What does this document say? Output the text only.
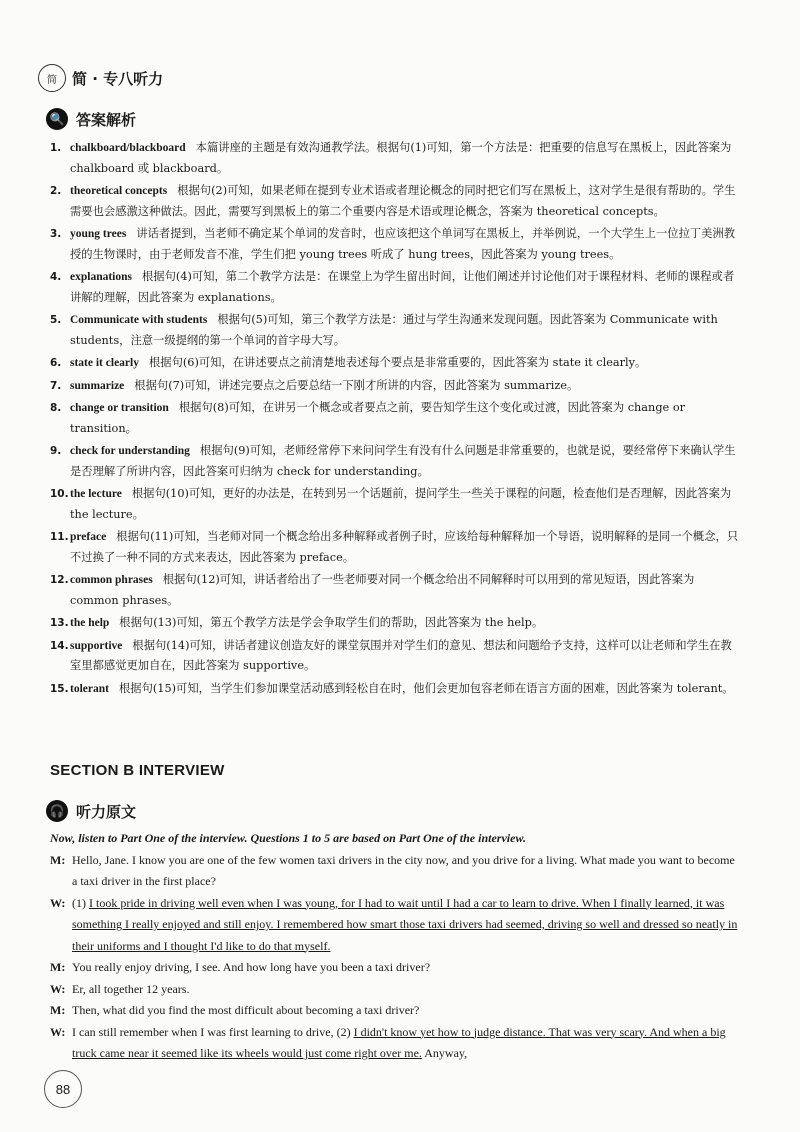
简	简 · 专八听力
🔍 答案解析
1. chalkboard/blackboard 本篇讲座的主题是有效沟通教学法。根据句(1)可知，第一个方法是：把重要的信息写在黑板上，因此答案为 chalkboard 或 blackboard。
2. theoretical concepts 根据句(2)可知，如果老师在提到专业术语或者理论概念的同时把它们写在黑板上，这对学生是很有帮助的。学生需要也会感激这种做法。因此，需要写到黑板上的第二个重要内容是术语或理论概念，答案为 theoretical concepts。
3. young trees 讲话者提到，当老师不确定某个单词的发音时，也应该把这个单词写在黑板上，并举例说，一个大学生上一位拉丁美洲教授的生物课时，由于老师发音不准，学生们把 young trees 听成了 hung trees，因此答案为 young trees。
4. explanations 根据句(4)可知，第二个教学方法是：在课堂上为学生留出时间，让他们阐述并讨论他们对于课程材料、老师的课程或者讲解的理解，因此答案为 explanations。
5. Communicate with students 根据句(5)可知，第三个教学方法是：通过与学生沟通来发现问题。因此答案为 Communicate with students，注意一级提纲的第一个单词的首字母大写。
6. state it clearly 根据句(6)可知，在讲述要点之前清楚地表述每个要点是非常重要的，因此答案为 state it clearly。
7. summarize 根据句(7)可知，讲述完要点之后要总结一下刚才所讲的内容，因此答案为 summarize。
8. change or transition 根据句(8)可知，在讲另一个概念或者要点之前，要告知学生这个变化或过渡，因此答案为 change or transition。
9. check for understanding 根据句(9)可知，老师经常停下来问问学生有没有什么问题是非常重要的，也就是说，要经常停下来确认学生是否理解了所讲内容，因此答案可归纳为 check for understanding。
10. the lecture 根据句(10)可知，更好的办法是，在转到另一个话题前，提问学生一些关于课程的问题，检查他们是否理解，因此答案为 the lecture。
11. preface 根据句(11)可知，当老师对同一个概念给出多种解释或者例子时，应该给每种解释加一个导语，说明解释的是同一个概念，只不过换了一种不同的方式来表达，因此答案为 preface。
12. common phrases 根据句(12)可知，讲话者给出了一些老师要对同一个概念给出不同解释时可以用到的常见短语，因此答案为 common phrases。
13. the help 根据句(13)可知，第五个教学方法是学会争取学生们的帮助，因此答案为 the help。
14. supportive 根据句(14)可知，讲话者建议创造友好的课堂氛围并对学生们的意见、想法和问题给予支持，这样可以让老师和学生在教室里都感觉更加自在，因此答案为 supportive。
15. tolerant 根据句(15)可知，当学生们参加课堂活动感到轻松自在时，他们会更加包容老师在语言方面的困难，因此答案为 tolerant。
SECTION B INTERVIEW
🎧 听力原文
Now, listen to Part One of the interview. Questions 1 to 5 are based on Part One of the interview.
M: Hello, Jane. I know you are one of the few women taxi drivers in the city now, and you drive for a living. What made you want to become a taxi driver in the first place?
W: (1) I took pride in driving well even when I was young, for I had to wait until I had a car to learn to drive. When I finally learned, it was something I really enjoyed and still enjoy. I remembered how smart those taxi drivers had seemed, driving so well and dressed so neatly in their uniforms and I thought I'd like to do that myself.
M: You really enjoy driving, I see. And how long have you been a taxi driver?
W: Er, all together 12 years.
M: Then, what did you find the most difficult about becoming a taxi driver?
W: I can still remember when I was first learning to drive, (2) I didn't know yet how to judge distance. That was very scary. And when a big truck came near it seemed like its wheels would just come right over me. Anyway,
88
